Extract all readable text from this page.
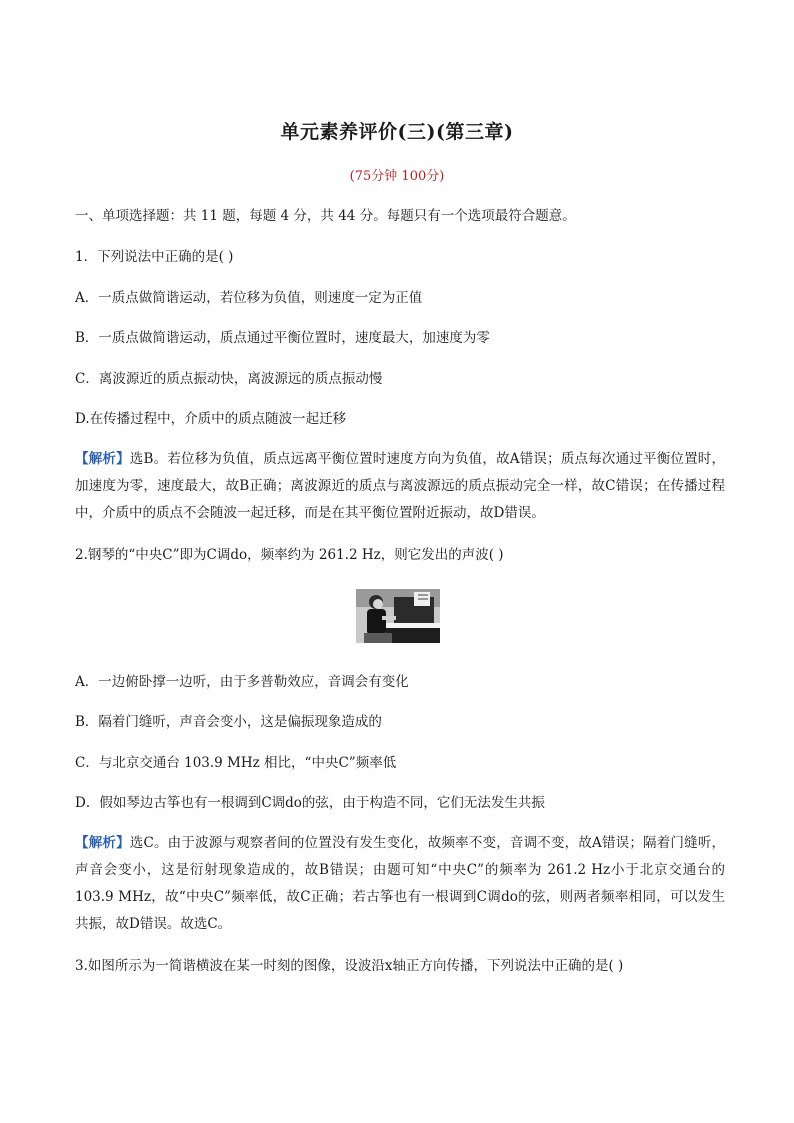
单元素养评价(三)(第三章)
(75分钟 100分)
一、单项选择题：共 11 题，每题 4 分，共 44 分。每题只有一个选项最符合题意。
1．下列说法中正确的是( )
A．一质点做简谐运动，若位移为负值，则速度一定为正值
B．一质点做简谐运动，质点通过平衡位置时，速度最大，加速度为零
C．离波源近的质点振动快，离波源远的质点振动慢
D.在传播过程中，介质中的质点随波一起迁移
【解析】选B。若位移为负值，质点远离平衡位置时速度方向为负值，故A错误；质点每次通过平衡位置时，加速度为零，速度最大，故B正确；离波源近的质点与离波源远的质点振动完全一样，故C错误；在传播过程中，介质中的质点不会随波一起迁移，而是在其平衡位置附近振动，故D错误。
2.钢琴的“中央C”即为C调do，频率约为 261.2 Hz，则它发出的声波( )
A．一边俯卧撑一边听，由于多普勒效应，音调会有变化
B．隔着门缝听，声音会变小，这是偏振现象造成的
C．与北京交通台 103.9 MHz 相比，“中央C”频率低
D．假如琴边古筝也有一根调到C调do的弦，由于构造不同，它们无法发生共振
【解析】选C。由于波源与观察者间的位置没有发生变化，故频率不变，音调不变，故A错误；隔着门缝听，声音会变小，这是衍射现象造成的，故B错误；由题可知“中央C”的频率为 261.2 Hz小于北京交通台的103.9 MHz，故“中央C”频率低，故C正确；若古筝也有一根调到C调do的弦，则两者频率相同，可以发生共振，故D错误。故选C。
3.如图所示为一简谐横波在某一时刻的图像，设波沿x轴正方向传播，下列说法中正确的是( )
